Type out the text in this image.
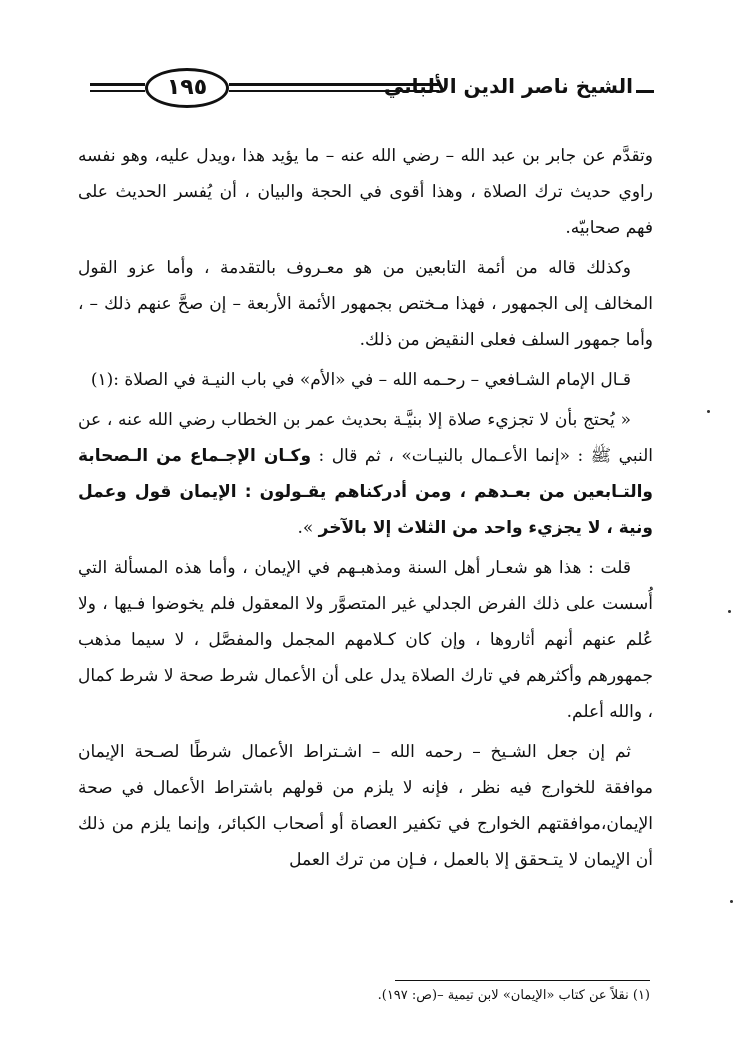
١٩٥	الشيخ ناصر الدين الألباني

وتقدَّم عن جابر بن عبد الله – رضي الله عنه – ما يؤيد هذا ،ويدل عليه، وهو نفسه راوي حديث ترك الصلاة ، وهذا أقوى في الحجة والبيان ، أن يُفسر الحديث على فهم صحابيّه.

وكذلك قاله من أئمة التابعين من هو معـروف بالتقدمة ، وأما عزو القول المخالف إلى الجمهور ، فهذا مـختص بجمهور الأئمة الأربعة – إن صحَّ عنهم ذلك – ، وأما جمهور السلف فعلى النقيض من ذلك.

قـال الإمام الشـافعي – رحـمه الله – في «الأم» في باب النيـة في الصلاة :(١)

« يُحتج بأن لا تجزيء صلاة إلا بنيَّـة بحديث عمر بن الخطاب رضي الله عنه ، عن النبي ﷺ : «إنما الأعـمال بالنيـات» ، ثم قال : وكـان الإجـماع من الـصحابة والتـابعين من بعـدهم ، ومن أدركناهم يقـولون : الإيمان قول وعمل ونية ، لا يجزيء واحد من الثلاث إلا بالآخر ».

قلت : هذا هو شعـار أهل السنة ومذهبـهم في الإيمان ، وأما هذه المسألة التي أُسست على ذلك الفرض الجدلي غير المتصوَّر ولا المعقول فلم يخوضوا فـيها ، ولا عُلم عنهم أنهم أثاروها ، وإن كان كـلامهم المجمل والمفصَّل ، لا سيما مذهب جمهورهم وأكثرهم في تارك الصلاة يدل على أن الأعمال شرط صحة لا شرط كمال ، والله أعلم.

ثم إن جعل الشـيخ – رحمه الله – اشـتراط الأعمال شرطًا لصـحة الإيمان موافقة للخوارج فيه نظر ، فإنه لا يلزم من قولهم باشتراط الأعمال في صحة الإيمان،موافقتهم الخوارج في تكفير العصاة أو أصحاب الكبائر، وإنما يلزم من ذلك أن الإيمان لا يتـحقق إلا بالعمل ، فـإن من ترك العمل

(١) نقلاً عن كتاب «الإيمان» لابن تيمية –(ص: ١٩٧).
